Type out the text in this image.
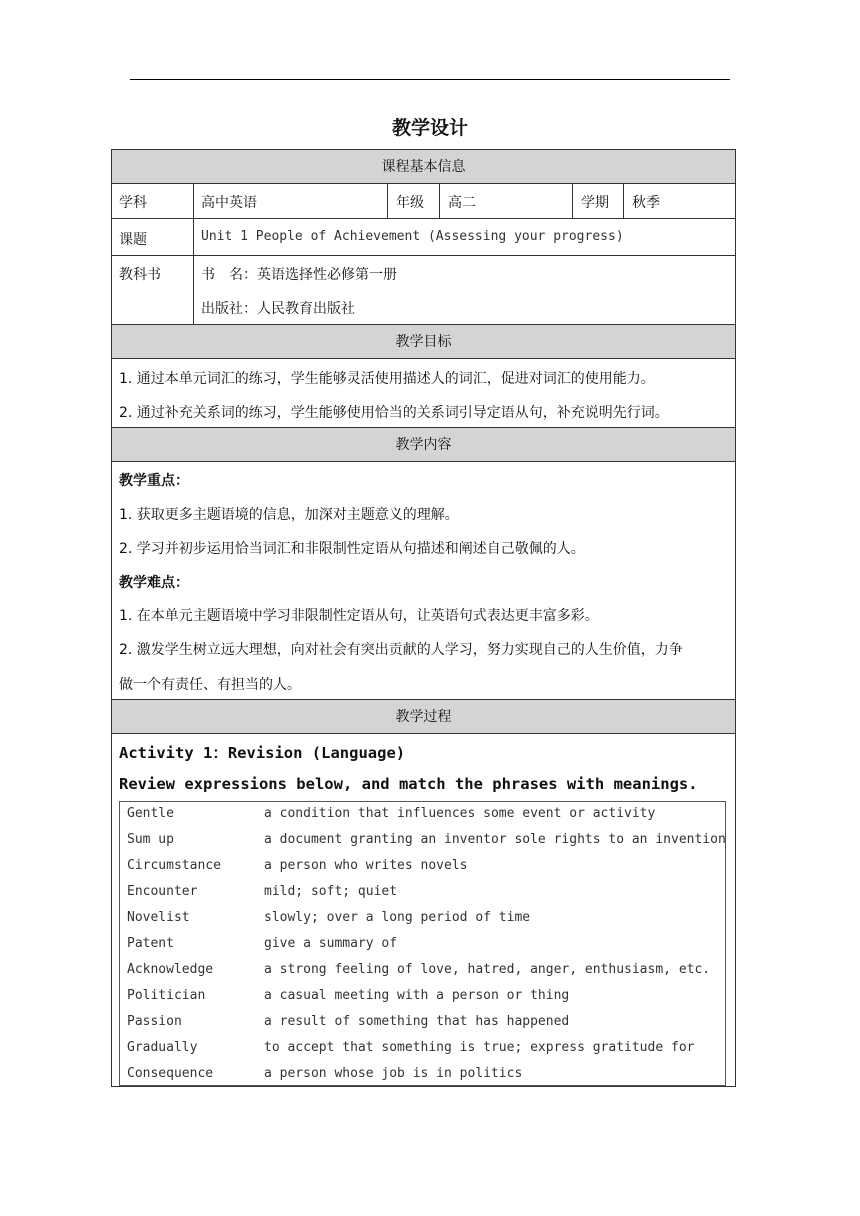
教学设计
课程基本信息
学科	高中英语	年级 高二	学期 秋季
课题	Unit 1 People of Achievement (Assessing your progress)
教科书	书　名：英语选择性必修第一册
出版社：人民教育出版社
教学目标
1. 通过本单元词汇的练习，学生能够灵活使用描述人的词汇，促进对词汇的使用能力。
2. 通过补充关系词的练习，学生能够使用恰当的关系词引导定语从句，补充说明先行词。
教学内容
教学重点：
1. 获取更多主题语境的信息，加深对主题意义的理解。
2. 学习并初步运用恰当词汇和非限制性定语从句描述和阐述自己敬佩的人。
教学难点：
1. 在本单元主题语境中学习非限制性定语从句，让英语句式表达更丰富多彩。
2. 激发学生树立远大理想，向对社会有突出贡献的人学习，努力实现自己的人生价值，力争
做一个有责任、有担当的人。
教学过程
Activity 1：Revision (Language)
Review expressions below, and match the phrases with meanings.
Gentle	a condition that influences some event or activity
Sum up	a document granting an inventor sole rights to an invention
Circumstance	a person who writes novels
Encounter	mild; soft; quiet
Novelist	slowly; over a long period of time
Patent	give a summary of
Acknowledge	a strong feeling of love, hatred, anger, enthusiasm, etc.
Politician	a casual meeting with a person or thing
Passion	a result of something that has happened
Gradually	to accept that something is true; express gratitude for
Consequence	a person whose job is in politics
